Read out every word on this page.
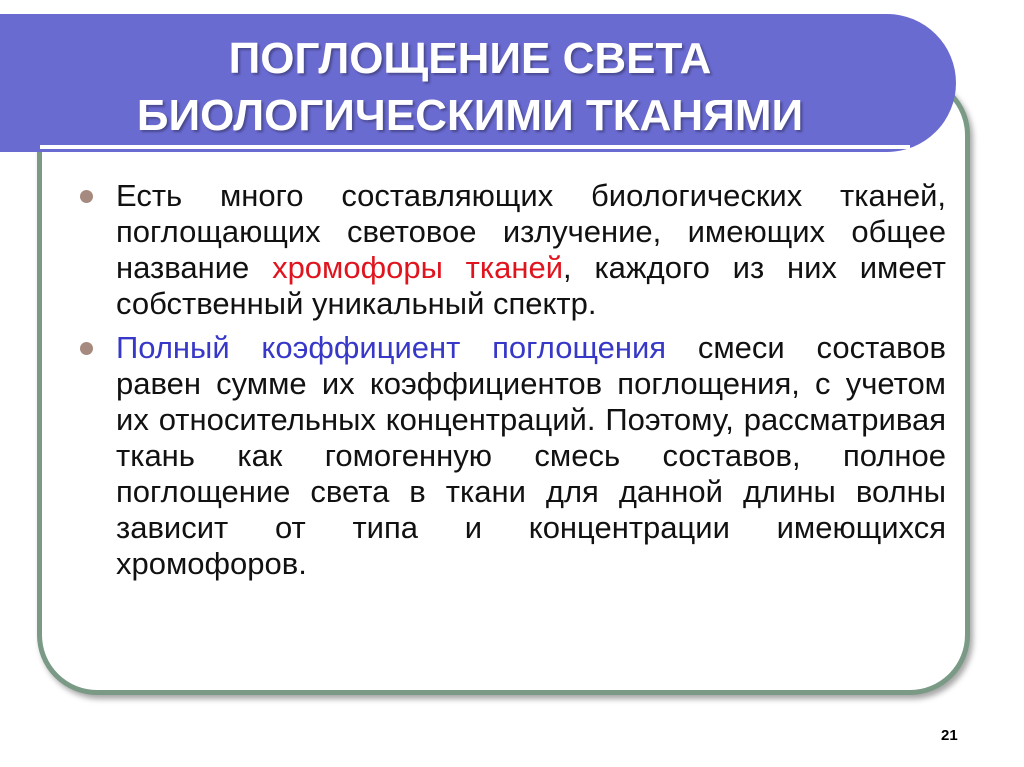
ПОГЛОЩЕНИЕ СВЕТА
БИОЛОГИЧЕСКИМИ ТКАНЯМИ
Есть много составляющих биологических тканей, поглощающих световое излучение, имеющих общее название хромофоры тканей, каждого из них имеет собственный уникальный спектр.
Полный коэффициент поглощения смеси составов равен сумме их коэффициентов поглощения, с учетом их относительных концентраций. Поэтому, рассматривая ткань как гомогенную смесь составов, полное поглощение света в ткани для данной длины волны зависит от типа и концентрации имеющихся хромофоров.
21
